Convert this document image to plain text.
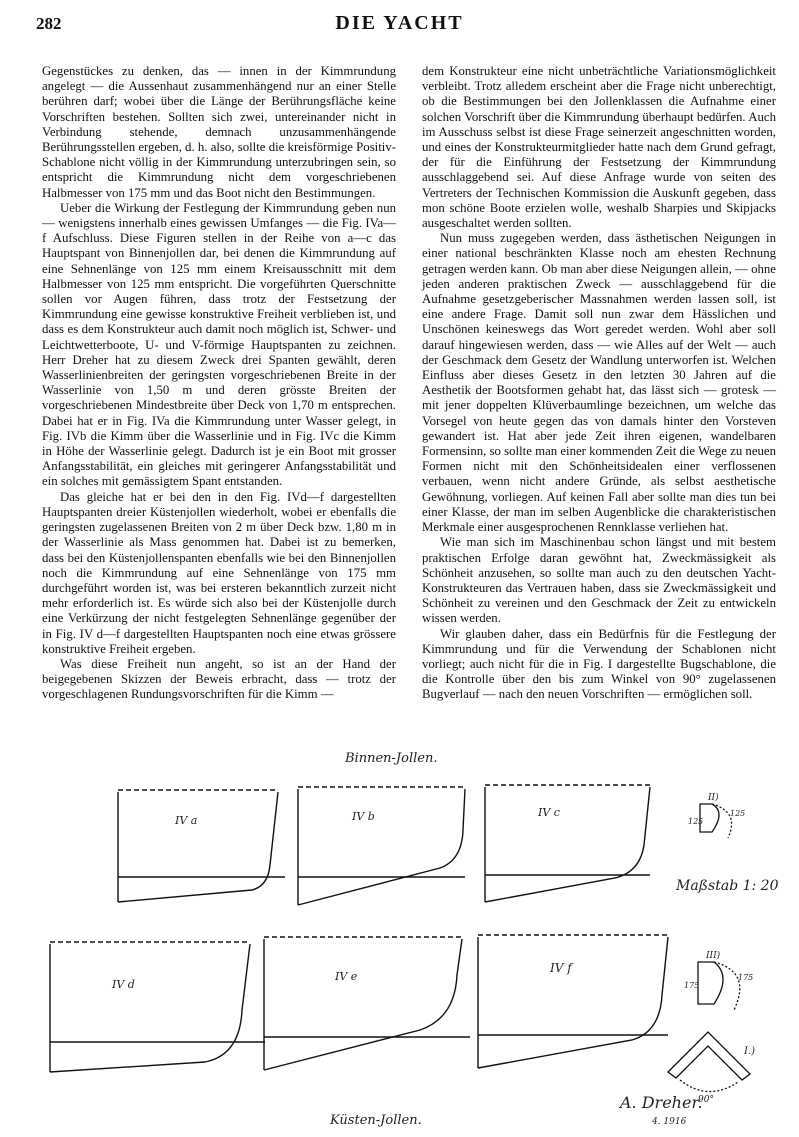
282	DIE YACHT

Gegenstückes zu denken, das — innen in der Kimmrundung angelegt — die Aussenhaut zusammenhängend nur an einer Stelle berühren darf; wobei über die Länge der Berührungsfläche keine Vorschriften bestehen. Sollten sich zwei, untereinander nicht in Verbindung stehende, demnach unzusammenhängende Berührungsstellen ergeben, d. h. also, sollte die kreisförmige Positiv-Schablone nicht völlig in der Kimmrundung unterzubringen sein, so entspricht die Kimmrundung nicht dem vorgeschriebenen Halbmesser von 175 mm und das Boot nicht den Bestimmungen.

Ueber die Wirkung der Festlegung der Kimmrundung geben nun — wenigstens innerhalb eines gewissen Umfanges — die Fig. IVa—f Aufschluss. Diese Figuren stellen in der Reihe von a—c das Hauptspant von Binnenjollen dar, bei denen die Kimmrundung auf eine Sehnenlänge von 125 mm einem Kreisausschnitt mit dem Halbmesser von 125 mm entspricht. Die vorgeführten Querschnitte sollen vor Augen führen, dass trotz der Festsetzung der Kimmrundung eine gewisse konstruktive Freiheit verblieben ist, und dass es dem Konstrukteur auch damit noch möglich ist, Schwer- und Leichtwetterboote, U- und V-förmige Hauptspanten zu zeichnen. Herr Dreher hat zu diesem Zweck drei Spanten gewählt, deren Wasserlinienbreiten der geringsten vorgeschriebenen Breite in der Wasserlinie von 1,50 m und deren grösste Breiten der vorgeschriebenen Mindestbreite über Deck von 1,70 m entsprechen. Dabei hat er in Fig. IVa die Kimmrundung unter Wasser gelegt, in Fig. IVb die Kimm über die Wasserlinie und in Fig. IVc die Kimm in Höhe der Wasserlinie gelegt. Dadurch ist je ein Boot mit grosser Anfangsstabilität, ein gleiches mit geringerer Anfangsstabilität und ein solches mit gemässigtem Spant entstanden.

Das gleiche hat er bei den in den Fig. IVd—f dargestellten Hauptspanten dreier Küstenjollen wiederholt, wobei er ebenfalls die geringsten zugelassenen Breiten von 2 m über Deck bzw. 1,80 m in der Wasserlinie als Mass genommen hat. Dabei ist zu bemerken, dass bei den Küstenjollenspanten ebenfalls wie bei den Binnenjollen noch die Kimmrundung auf eine Sehnenlänge von 175 mm durchgeführt worden ist, was bei ersteren bekanntlich zurzeit nicht mehr erforderlich ist. Es würde sich also bei der Küstenjolle durch eine Verkürzung der nicht festgelegten Sehnenlänge gegenüber der in Fig. IV d—f dargestellten Hauptspanten noch eine etwas grössere konstruktive Freiheit ergeben.

Was diese Freiheit nun angeht, so ist an der Hand der beigegebenen Skizzen der Beweis erbracht, dass — trotz der vorgeschlagenen Rundungsvorschriften für die Kimm —

dem Konstrukteur eine nicht unbeträchtliche Variationsmöglichkeit verbleibt. Trotz alledem erscheint aber die Frage nicht unberechtigt, ob die Bestimmungen bei den Jollenklassen die Aufnahme einer solchen Vorschrift über die Kimmrundung überhaupt bedürfen. Auch im Ausschuss selbst ist diese Frage seinerzeit angeschnitten worden, und eines der Konstrukteurmitglieder hatte nach dem Grund gefragt, der für die Einführung der Festsetzung der Kimmrundung ausschlaggebend sei. Auf diese Anfrage wurde von seiten des Vertreters der Technischen Kommission die Auskunft gegeben, dass mon schöne Boote erzielen wolle, weshalb Sharpies und Skipjacks ausgeschaltet werden sollten.

Nun muss zugegeben werden, dass ästhetischen Neigungen in einer national beschränkten Klasse noch am ehesten Rechnung getragen werden kann. Ob man aber diese Neigungen allein, — ohne jeden anderen praktischen Zweck — ausschlaggebend für die Aufnahme gesetzgeberischer Massnahmen werden lassen soll, ist eine andere Frage. Damit soll nun zwar dem Hässlichen und Unschönen keineswegs das Wort geredet werden. Wohl aber soll darauf hingewiesen werden, dass — wie Alles auf der Welt — auch der Geschmack dem Gesetz der Wandlung unterworfen ist. Welchen Einfluss aber dieses Gesetz in den letzten 30 Jahren auf die Aesthetik der Bootsformen gehabt hat, das lässt sich — grotesk — mit jener doppelten Klüverbaumlinge bezeichnen, um welche das Vorsegel von heute gegen das von damals hinter den Vorsteven gewandert ist. Hat aber jede Zeit ihren eigenen, wandelbaren Formensinn, so sollte man einer kommenden Zeit die Wege zu neuen Formen nicht mit den Schönheitsidealen einer verflossenen verbauen, wenn nicht andere Gründe, als selbst aesthetische Gewöhnung, vorliegen. Auf keinen Fall aber sollte man dies tun bei einer Klasse, der man im selben Augenblicke die charakteristischen Merkmale einer ausgesprochenen Rennklasse verliehen hat.

Wie man sich im Maschinenbau schon längst und mit bestem praktischen Erfolge daran gewöhnt hat, Zweckmässigkeit als Schönheit anzusehen, so sollte man auch zu den deutschen Yacht-Konstrukteuren das Vertrauen haben, dass sie Zweckmässigkeit und Schönheit zu vereinen und den Geschmack der Zeit zu entwickeln wissen werden.

Wir glauben daher, dass ein Bedürfnis für die Festlegung der Kimmrundung und für die Verwendung der Schablonen nicht vorliegt; auch nicht für die in Fig. I dargestellte Bugschablone, die die Kontrolle über den bis zum Winkel von 90° zugelassenen Bugverlauf — nach den neuen Vorschriften — ermöglichen soll.

Binnen-Jollen.
IV a	IV b	IV c
IV d
IV e
IV f
II)
125
125
Maßstab 1: 20
III)
175
175
I.)
90°
A. Dreher.
4. 1916
Küsten-Jollen.
